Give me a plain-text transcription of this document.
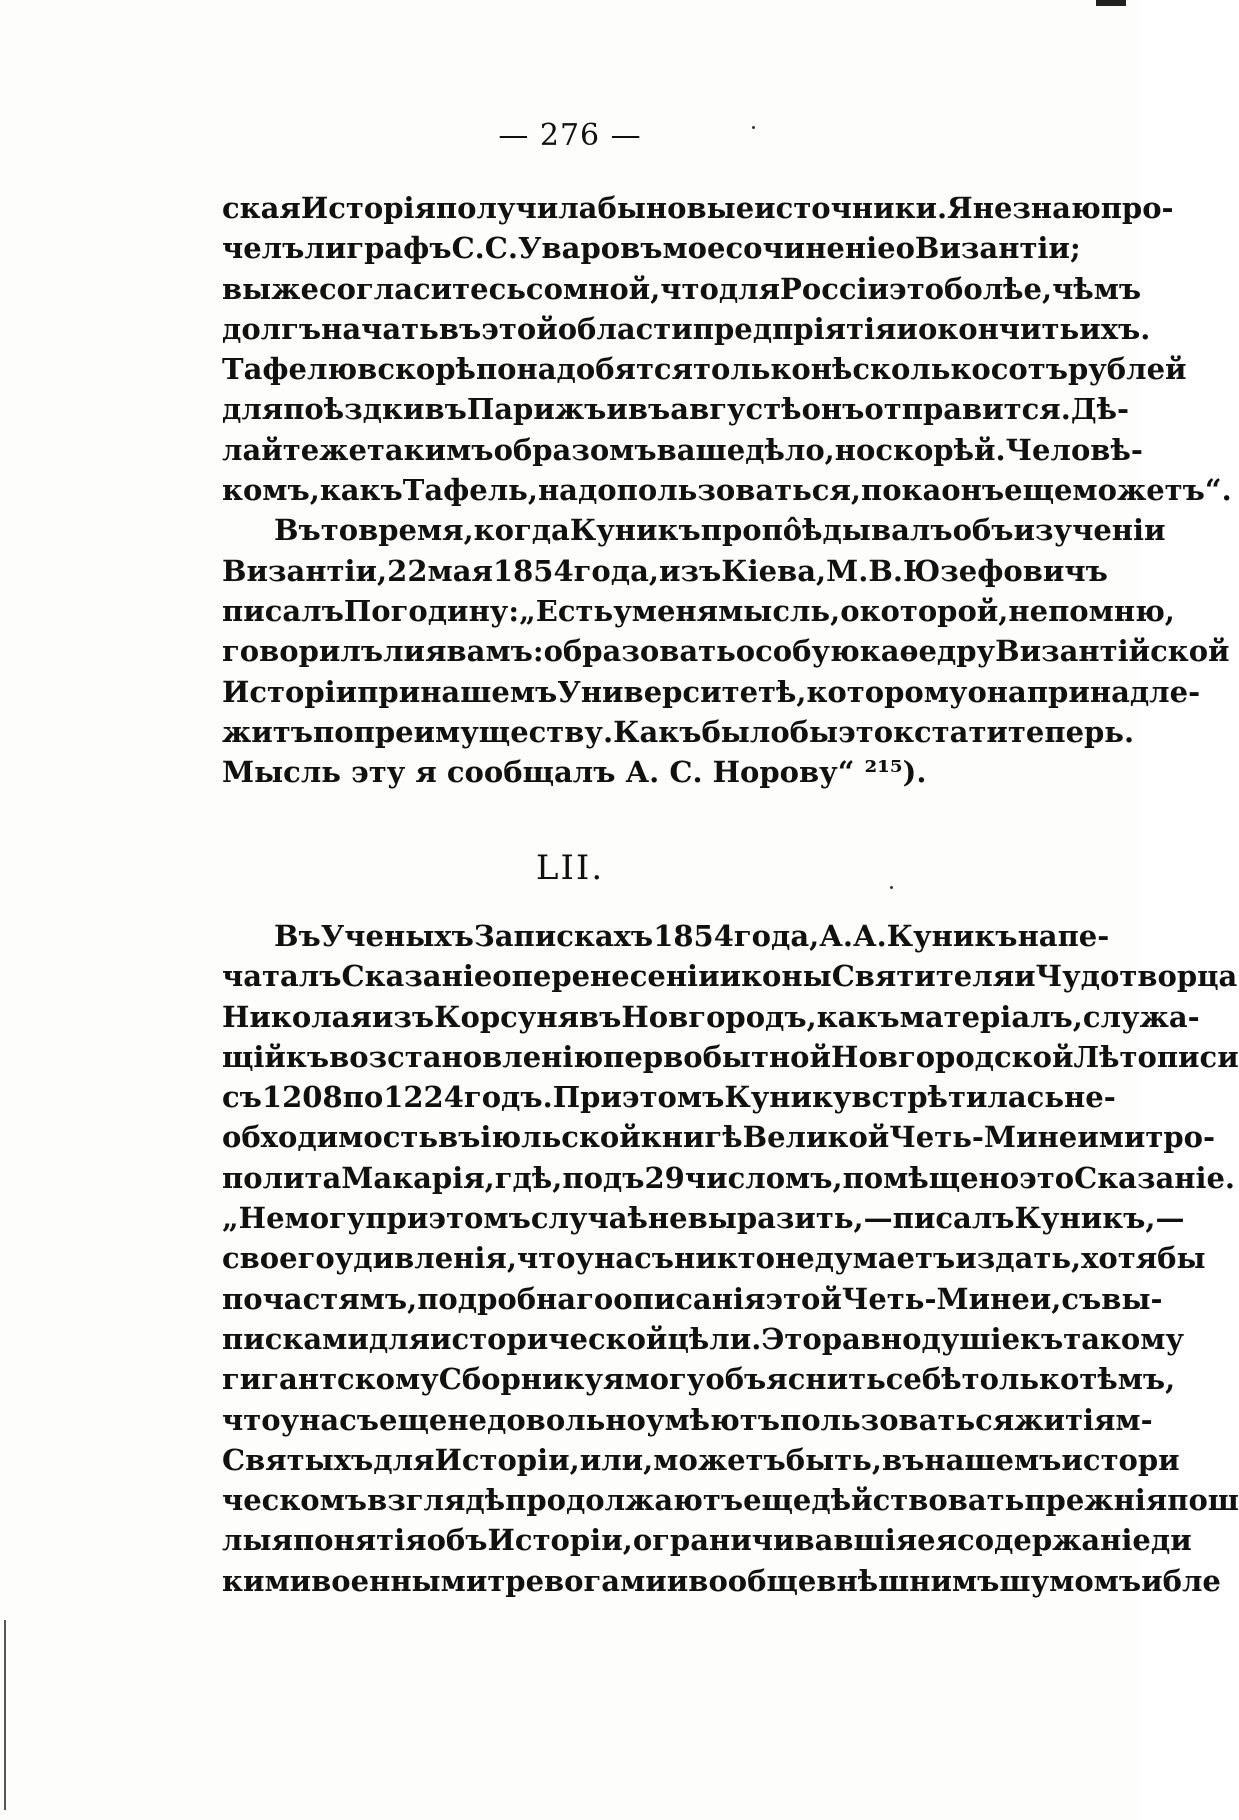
— 276 —
ская Исторія получила бы новые источники. Я не знаю про-
челъ ли графъ С. С. Уваровъ мое сочиненіе о Византіи;
вы же согласитесь со мной, что для Россіи это болѣе, чѣмъ
долгъ начать въ этой области предпріятія и окончить ихъ.
Тафелю вскорѣ понадобятся только нѣсколько сотъ рублей
для поѣздки въ Парижъ и въ августѣ онъ отправится. Дѣ-
лайте же такимъ образомъ ваше дѣло, но скорѣй. Человѣ-
комъ, какъ Тафель, надо пользоваться, пока онъ еще можетъ“.
Въ то время, когда Куникъ пропо̂ѣдывалъ объ изученіи
Византіи, 22 мая 1854 года, изъ Кіева, М. В. Юзефовичъ
писалъ Погодину: „Есть у меня мысль, о которой, не помню,
говорилъ ли я вамъ: образовать особую каѳедру Византійской
Исторіи при нашемъ Университетѣ, которому она принадле-
житъ по преимуществу. Какъ было бы это кстати теперь.
Мысль эту я сообщалъ А. С. Норову“ ²¹⁵).
LII.
Въ Ученыхъ Запискахъ 1854 года, А. А. Куникъ напе-
чаталъ Сказаніе о перенесеніи иконы Святителя и Чудотворца
Николая изъ Корсуня въ Новгородъ, какъ матеріалъ, служа-
щій къ возстановленію первобытной Новгородской Лѣтописи
съ 1208 по 1224 годъ. При этомъ Кунику встрѣтилась не-
обходимость въ іюльской книгѣ Великой Четь-Минеи митро-
полита Макарія, гдѣ, подъ 29 числомъ, помѣщено это Сказаніе.
„Не могу при этомъ случаѣ не выразить,—писалъ Куникъ,—
своего удивленія, что у насъ никто не думаетъ издать, хотя бы
по частямъ, подробнаго описанія этой Четь-Минеи, съ вы-
писками для исторической цѣли. Это равнодушіе къ такому
гигантскому Сборнику я могу объяснить себѣ только тѣмъ,
что у насъ еще недовольно умѣютъ пользоваться житіям-
Святыхъ для Исторіи, или, можетъ быть, въ нашемъ истори
ческомъ взглядѣ продолжаютъ еще дѣйствовать прежнія пош
лыя понятія объ Исторіи, ограничивавшія ея содержаніе ди
кими военными тревогами и вообще внѣшнимъ шумомъ и бле
